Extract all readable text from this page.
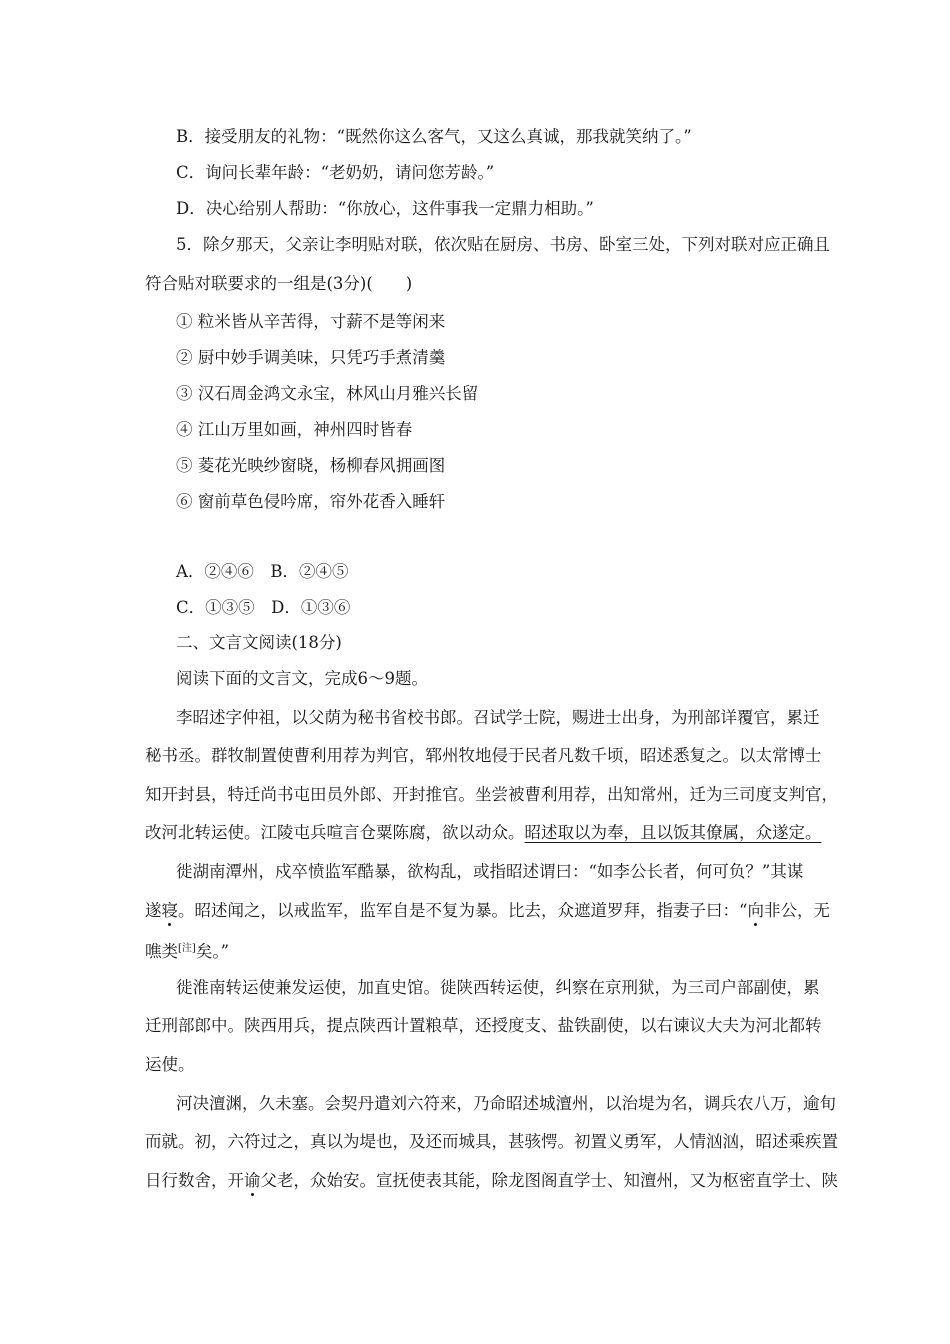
B．接受朋友的礼物：“既然你这么客气，又这么真诚，那我就笑纳了。”
C．询问长辈年龄：“老奶奶，请问您芳龄。”
D．决心给别人帮助：“你放心，这件事我一定鼎力相助。”
5．除夕那天，父亲让李明贴对联，依次贴在厨房、书房、卧室三处，下列对联对应正确且
符合贴对联要求的一组是(3分)(　　)
① 粒米皆从辛苦得，寸薪不是等闲来
② 厨中妙手调美味，只凭巧手煮清羹
③ 汉石周金鸿文永宝，林风山月雅兴长留
④ 江山万里如画，神州四时皆春
⑤ 菱花光映纱窗晓，杨柳春风拥画图
⑥ 窗前草色侵吟席，帘外花香入睡轩
A．②④⑥　B．②④⑤
C．①③⑤　D．①③⑥
二、文言文阅读(18分)
阅读下面的文言文，完成6～9题。
李昭述字仲祖，以父荫为秘书省校书郎。召试学士院，赐进士出身，为刑部详覆官，累迁
秘书丞。群牧制置使曹利用荐为判官，郓州牧地侵于民者凡数千顷，昭述悉复之。以太常博士
知开封县，特迁尚书屯田员外郎、开封推官。坐尝被曹利用荐，出知常州，迁为三司度支判官，
改河北转运使。江陵屯兵喧言仓粟陈腐，欲以动众。昭述取以为奉，且以饭其僚属，众遂定。
徙湖南潭州，戍卒愤监军酷暴，欲构乱，或指昭述谓曰：“如李公长者，何可负？”其谋
遂寝。昭述闻之，以戒监军，监军自是不复为暴。比去，众遮道罗拜，指妻子曰：“向非公，无
噍类[注]矣。”
徙淮南转运使兼发运使，加直史馆。徙陕西转运使，纠察在京刑狱，为三司户部副使，累
迁刑部郎中。陕西用兵，提点陕西计置粮草，还授度支、盐铁副使，以右谏议大夫为河北都转
运使。
河决澶渊，久未塞。会契丹遣刘六符来，乃命昭述城澶州，以治堤为名，调兵农八万，逾旬
而就。初，六符过之，真以为堤也，及还而城具，甚骇愕。初置义勇军，人情汹汹，昭述乘疾置
日行数舍，开谕父老，众始安。宣抚使表其能，除龙图阁直学士、知澶州，又为枢密直学士、陕
